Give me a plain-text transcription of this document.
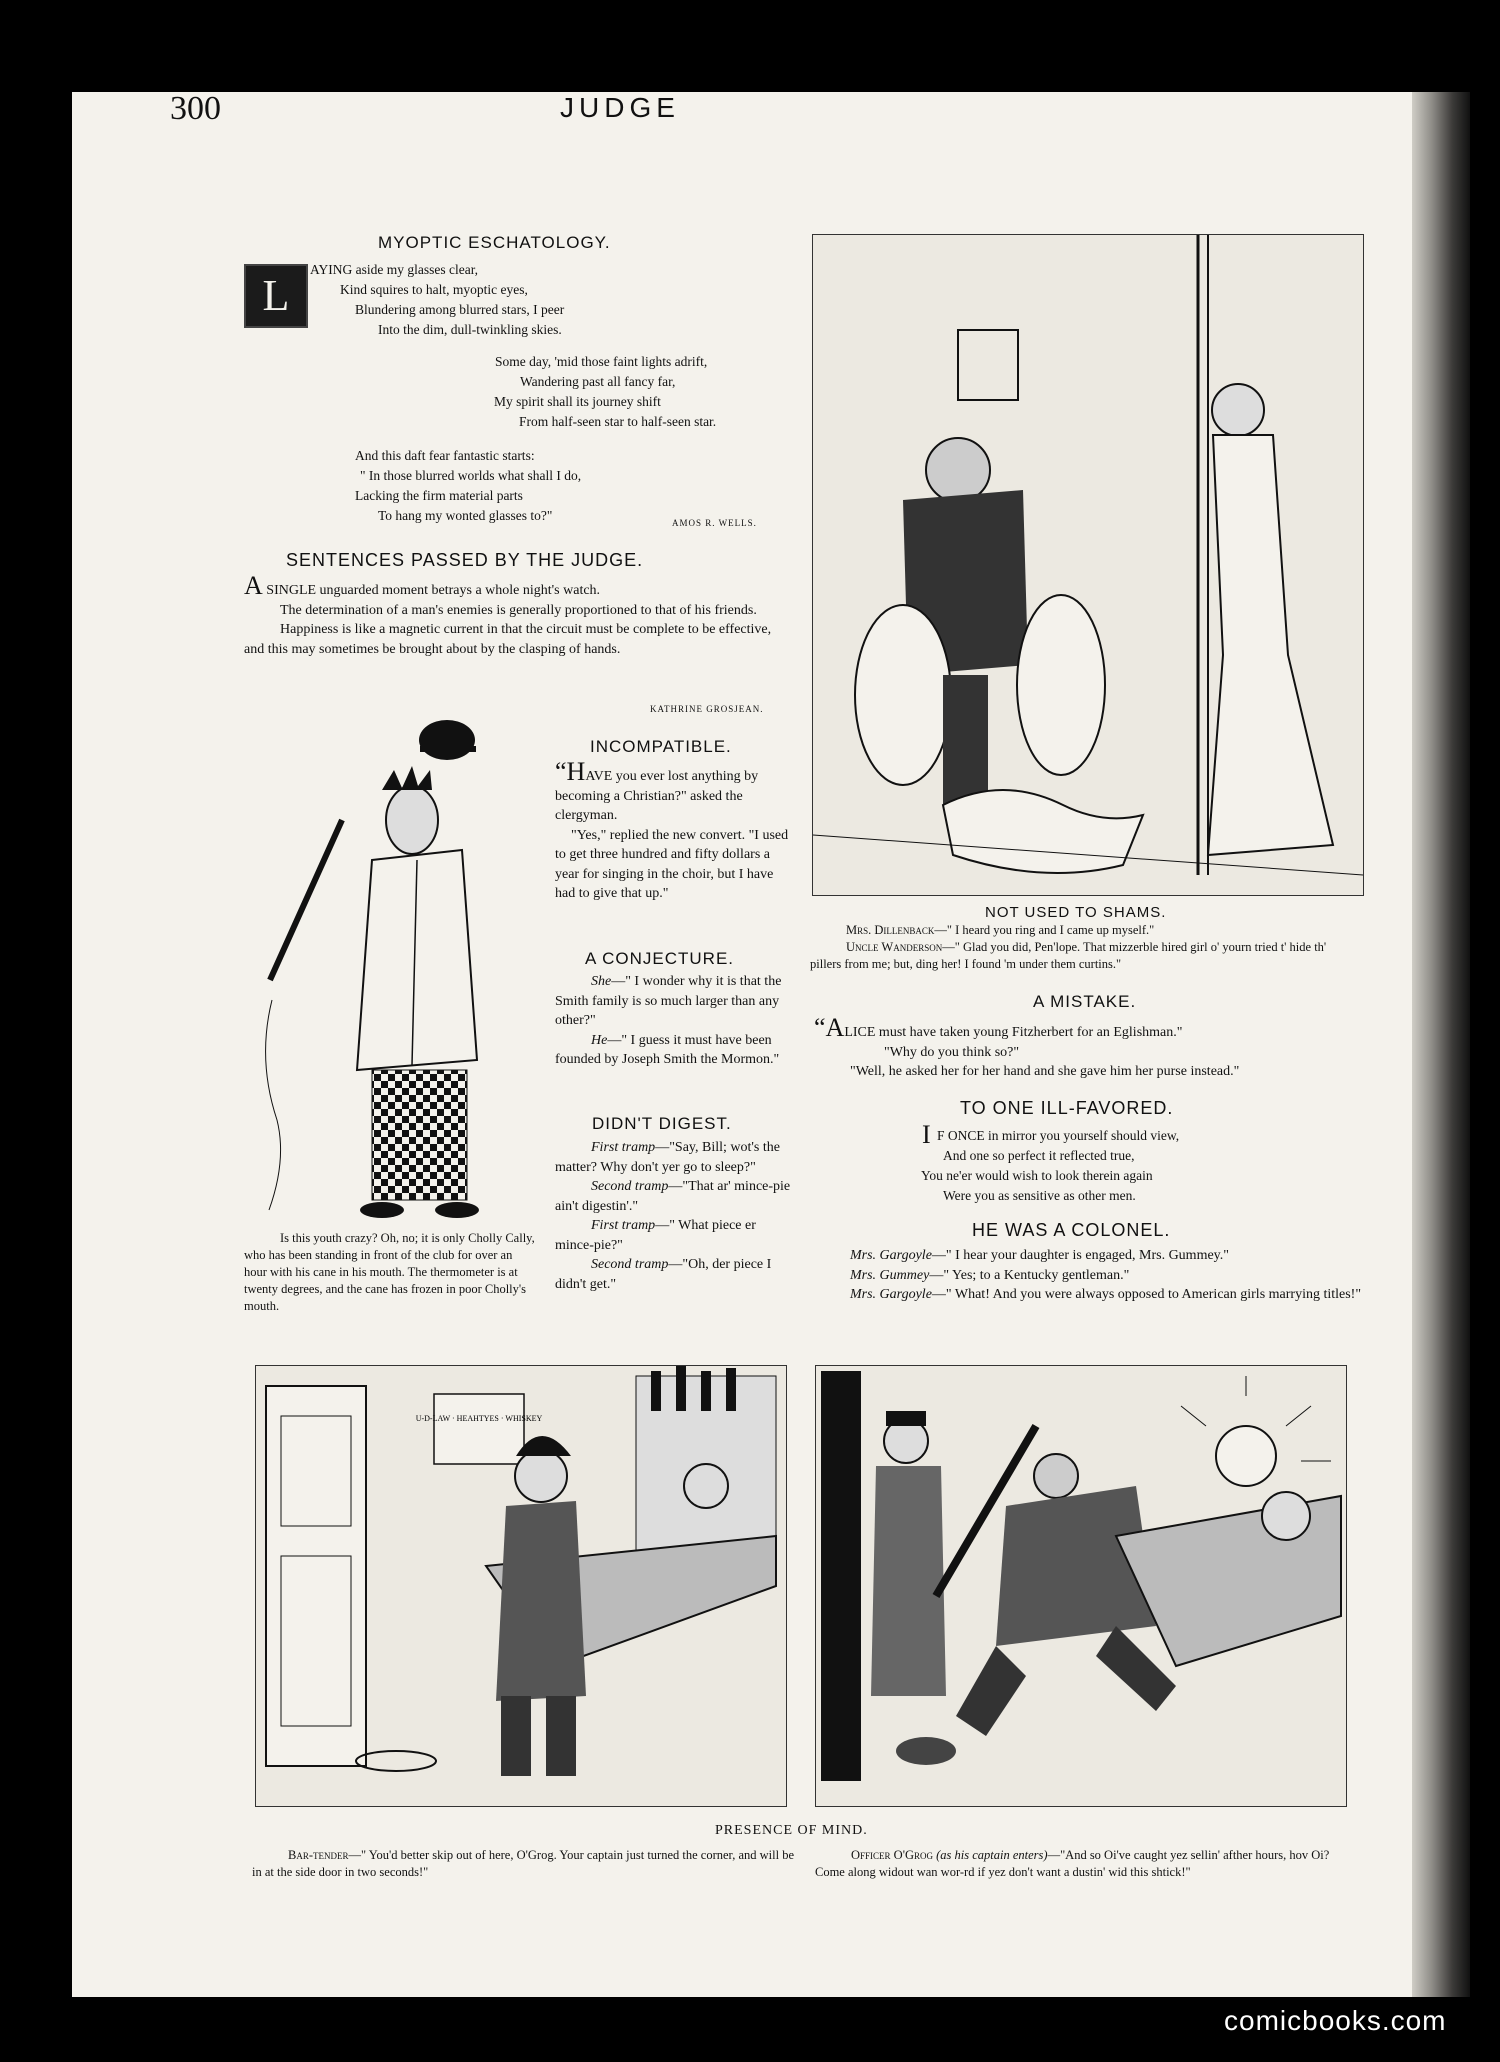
300	JUDGE
MYOPTIC ESCHATOLOGY.
L
AYING aside my glasses clear,
Kind squires to halt, myoptic eyes,
Blundering among blurred stars, I peer
Into the dim, dull-twinkling skies.
Some day, 'mid those faint lights adrift,
Wandering past all fancy far,
My spirit shall its journey shift
From half-seen star to half-seen star.
And this daft fear fantastic starts:
" In those blurred worlds what shall I do,
Lacking the firm material parts
To hang my wonted glasses to?"	AMOS R. WELLS.
SENTENCES PASSED BY THE JUDGE.

A SINGLE unguarded moment betrays a whole night's watch.

The determination of a man's enemies is generally proportioned to that of his friends.

Happiness is like a magnetic current in that the circuit must be complete to be effective, and this may sometimes be brought about by the clasping of hands.

KATHRINE GROSJEAN.
INCOMPATIBLE.

“HAVE you ever lost anything by becoming a Christian?" asked the clergyman.

"Yes," replied the new convert. "I used to get three hundred and fifty dollars a year for singing in the choir, but I have had to give that up."

A CONJECTURE.

She—" I wonder why it is that the Smith family is so much larger than any other?"

He—" I guess it must have been founded by Joseph Smith the Mormon."

DIDN'T DIGEST.

First tramp—"Say, Bill; wot's the matter? Why don't yer go to sleep?"

Second tramp—"That ar' mince-pie ain't digestin'."

First tramp—" What piece er mince-pie?"

Second tramp—"Oh, der piece I didn't get."

Is this youth crazy? Oh, no; it is only Cholly Cally, who has been standing in front of the club for over an hour with his cane in his mouth. The thermometer is at twenty degrees, and the cane has frozen in poor Cholly's mouth.
NOT USED TO SHAMS.
Mrs. Dillenback—" I heard you ring and I came up myself."
Uncle Wanderson—" Glad you did, Pen'lope. That mizzerble hired girl o' yourn tried t' hide th' pillers from me; but, ding her! I found 'm under them curtins."
A MISTAKE.

“ALICE must have taken young Fitzherbert for an Eglishman."

"Why do you think so?"

"Well, he asked her for her hand and she gave him her purse instead."

TO ONE ILL-FAVORED.
I F ONCE in mirror you yourself should view,
And one so perfect it reflected true,
You ne'er would wish to look therein again
Were you as sensitive as other men.
HE WAS A COLONEL.

Mrs. Gargoyle—" I hear your daughter is engaged, Mrs. Gummey."

Mrs. Gummey—" Yes; to a Kentucky gentleman."

Mrs. Gargoyle—" What! And you were always opposed to American girls marrying titles!"

U-D-LAW · HEAHTYES · WHISKEY
PRESENCE OF MIND.
Bar-tender—" You'd better skip out of here, O'Grog. Your captain just turned the corner, and will be in at the side door in two seconds!"
Officer O'Grog (as his captain enters)—"And so Oi've caught yez sellin' afther hours, hov Oi? Come along widout wan wor-rd if yez don't want a dustin' wid this shtick!"
comicbooks.com
